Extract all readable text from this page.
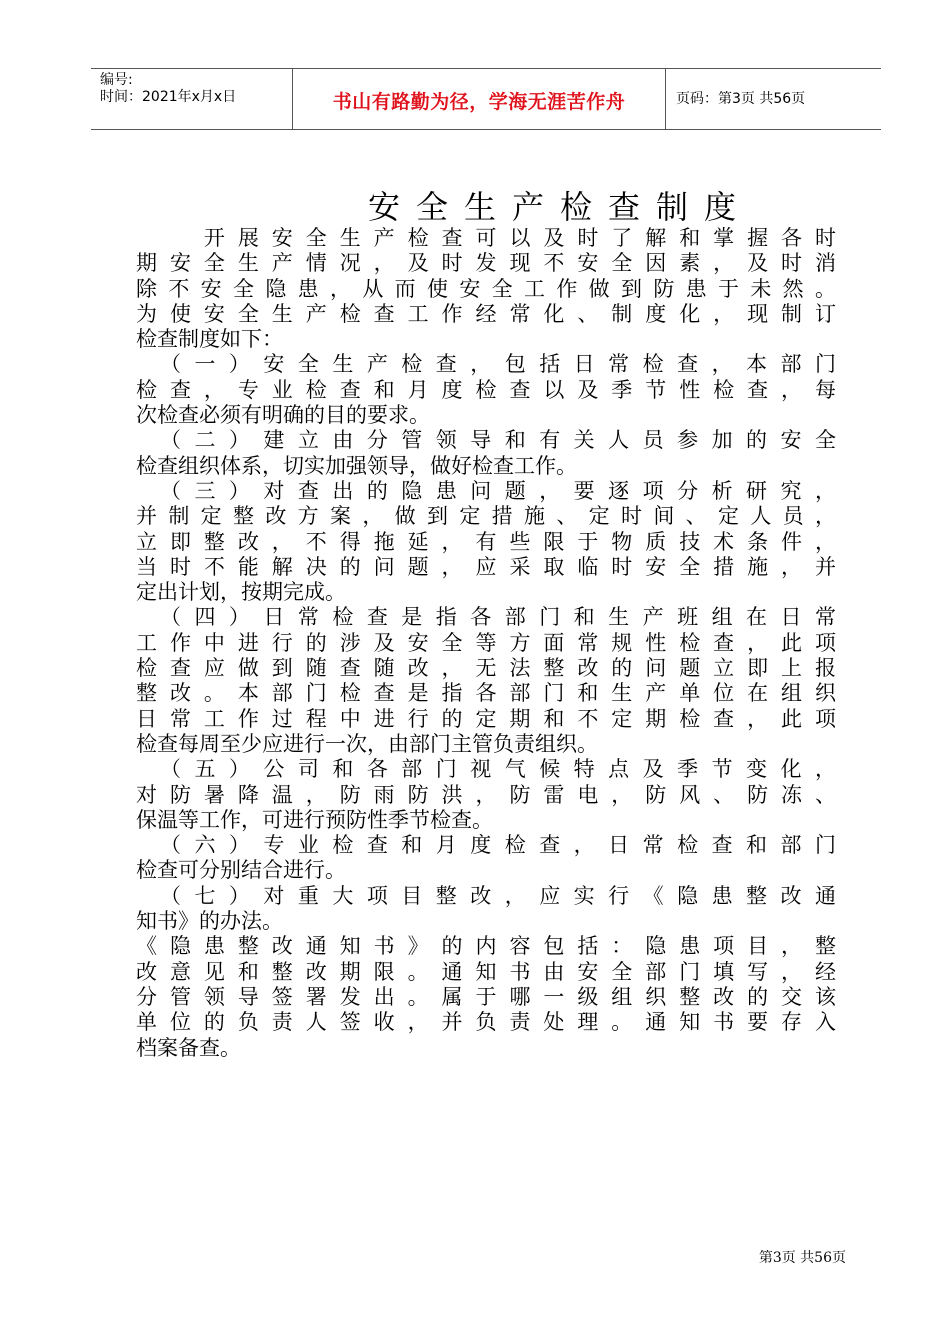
编号:
时间：2021年x月x日	书山有路勤为径，学海无涯苦作舟	页码：第3页 共56页
安全生产检查制度

　　开展安全生产检查可以及时了解和掌握各时

期安全生产情况，及时发现不安全因素，及时消

除不安全隐患，从而使安全工作做到防患于未然。

为使安全生产检查工作经常化、制度化，现制订

检查制度如下：

　（一）安全生产检查，包括日常检查，本部门

检查，专业检查和月度检查以及季节性检查，每

次检查必须有明确的目的要求。

　（二）建立由分管领导和有关人员参加的安全

检查组织体系，切实加强领导，做好检查工作。

　（三）对查出的隐患问题，要逐项分析研究，

并制定整改方案，做到定措施、定时间、定人员，

立即整改，不得拖延，有些限于物质技术条件，

当时不能解决的问题，应采取临时安全措施，并

定出计划，按期完成。

　（四）日常检查是指各部门和生产班组在日常

工作中进行的涉及安全等方面常规性检查，此项

检查应做到随查随改，无法整改的问题立即上报

整改。本部门检查是指各部门和生产单位在组织

日常工作过程中进行的定期和不定期检查，此项

检查每周至少应进行一次，由部门主管负责组织。

　（五）公司和各部门视气候特点及季节变化，

对防暑降温，防雨防洪，防雷电，防风、防冻、

保温等工作，可进行预防性季节检查。

　（六）专业检查和月度检查，日常检查和部门

检查可分别结合进行。

　（七）对重大项目整改，应实行《隐患整改通

知书》的办法。

《隐患整改通知书》的内容包括：隐患项目，整

改意见和整改期限。通知书由安全部门填写，经

分管领导签署发出。属于哪一级组织整改的交该

单位的负责人签收，并负责处理。通知书要存入

档案备查。

第3页 共56页
